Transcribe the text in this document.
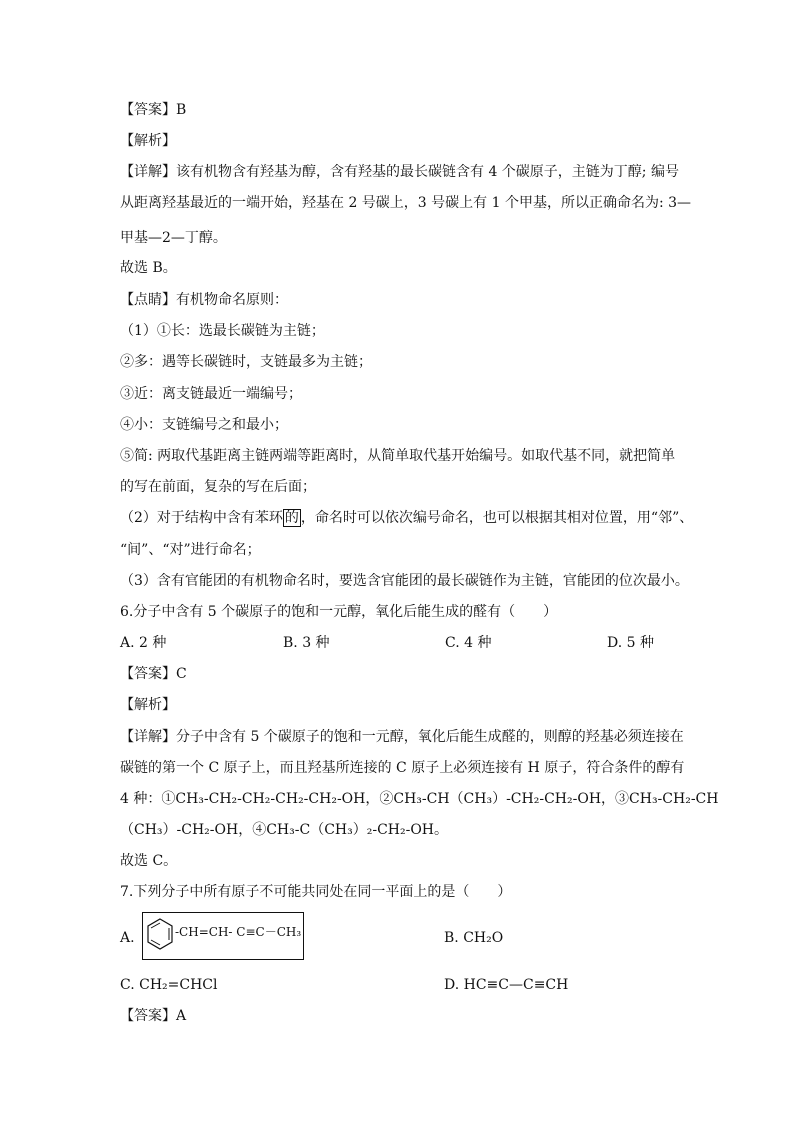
【答案】B
【解析】
【详解】该有机物含有羟基为醇，含有羟基的最长碳链含有 4 个碳原子，主链为丁醇; 编号
从距离羟基最近的一端开始，羟基在 2 号碳上，3 号碳上有 1 个甲基，所以正确命名为: 3—
甲基—2—丁醇。
故选 B。
【点睛】有机物命名原则：
（1）①长：选最长碳链为主链；
②多：遇等长碳链时，支链最多为主链；
③近：离支链最近一端编号；
④小：支链编号之和最小；
⑤简: 两取代基距离主链两端等距离时，从简单取代基开始编号。如取代基不同，就把简单
的写在前面，复杂的写在后面；
（2）对于结构中含有苯环 的 ，命名时可以依次编号命名，也可以根据其相对位置，用“邻”、
“间”、“对”进行命名；
（3）含有官能团的有机物命名时，要选含官能团的最长碳链作为主链，官能团的位次最小。
6.分子中含有 5 个碳原子的饱和一元醇，氧化后能生成的醛有（　　）
A. 2 种	B. 3 种	C. 4 种	D. 5 种
【答案】C
【解析】
【详解】分子中含有 5 个碳原子的饱和一元醇，氧化后能生成醛的，则醇的羟基必须连接在
碳链的第一个 C 原子上，而且羟基所连接的 C 原子上必须连接有 H 原子，符合条件的醇有
4 种：①CH₃-CH₂-CH₂-CH₂-CH₂-OH，②CH₃-CH（CH₃）-CH₂-CH₂-OH，③CH₃-CH₂-CH
（CH₃）-CH₂-OH，④CH₃-C（CH₃）₂-CH₂-OH。
故选 C。
7.下列分子中所有原子不可能共同处在同一平面上的是（　　）
A.	-CH=CH- C≡C－CH₃	B. CH₂O
C. CH₂=CHCl	D. HC≡C—C≡CH
【答案】A
